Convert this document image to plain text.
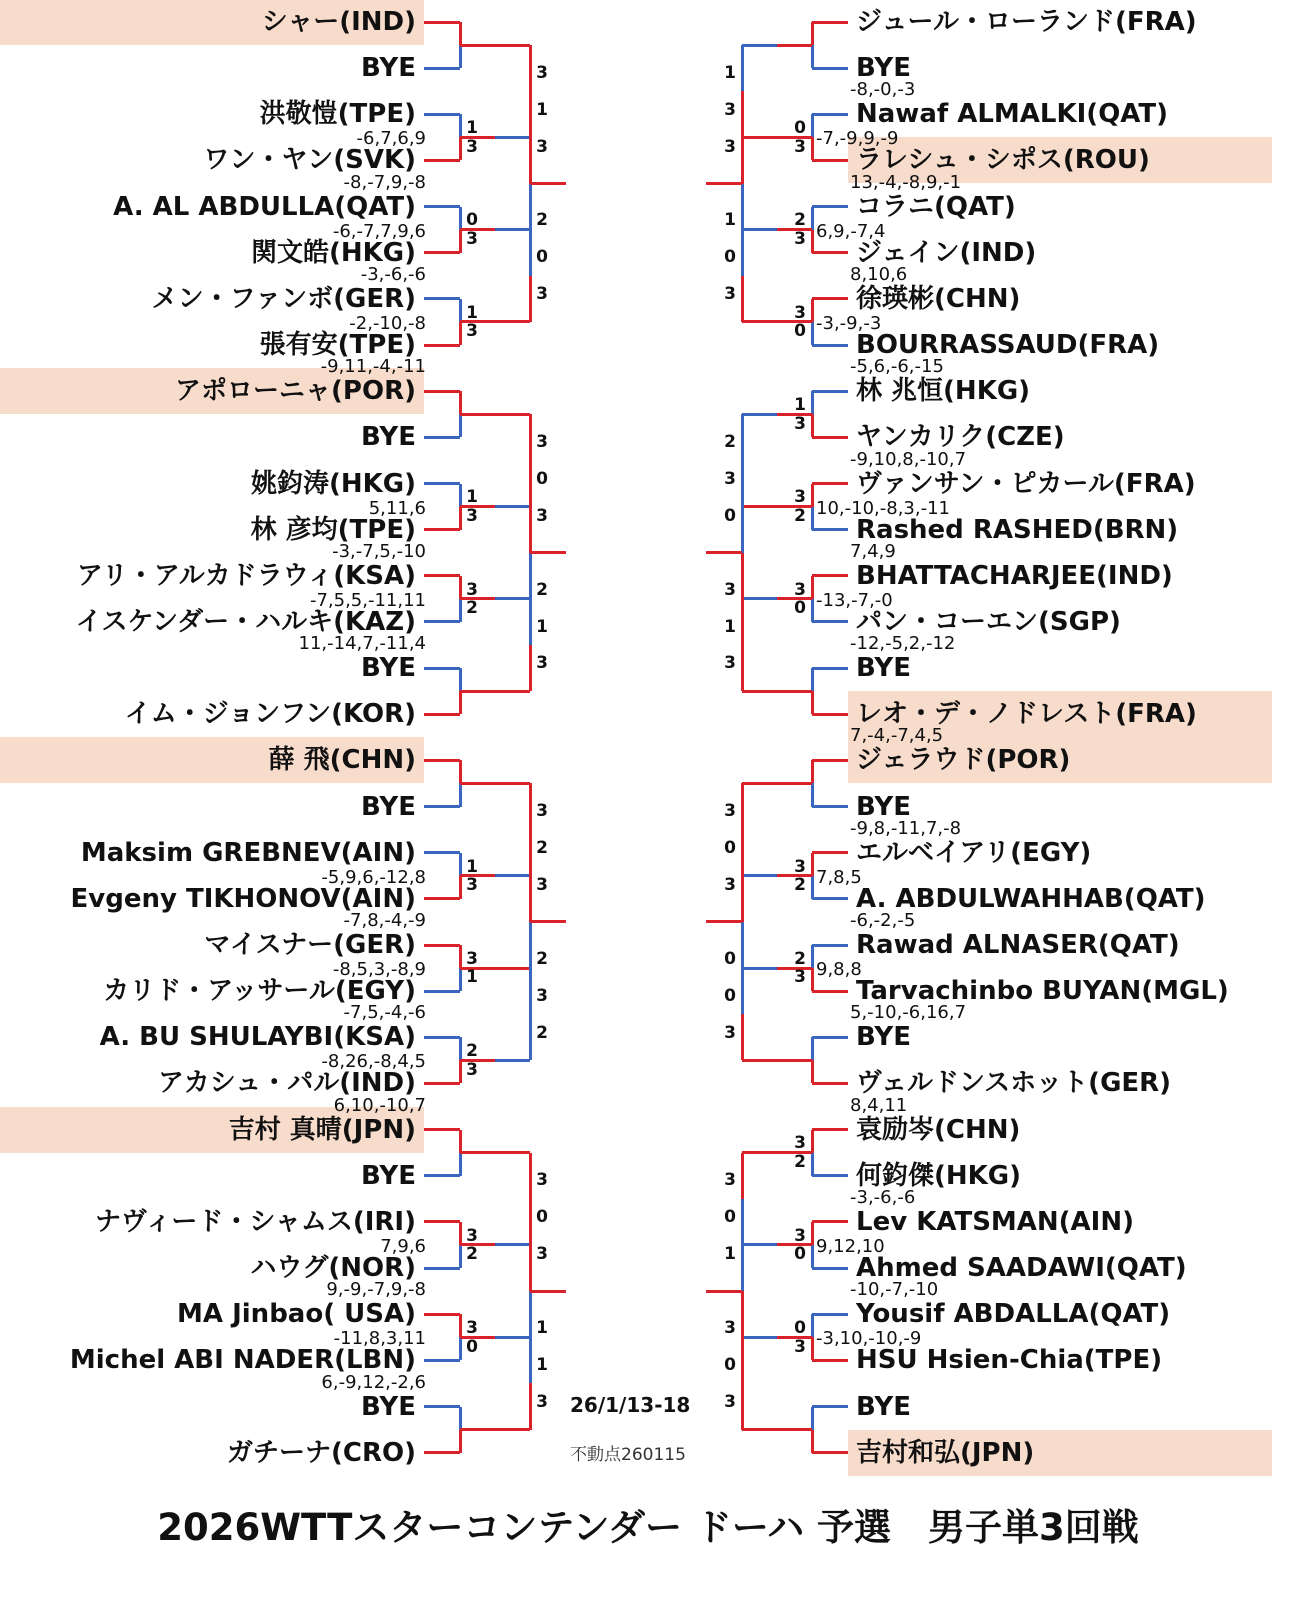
シャー(IND)
BYE
洪敬愷(TPE)
ワン・ヤン(SVK)
A. AL ABDULLA(QAT)
関文皓(HKG)
メン・ファンボ(GER)
張有安(TPE)
アポローニャ(POR)
BYE
姚鈞涛(HKG)
林 彦均(TPE)
アリ・アルカドラウィ(KSA)
イスケンダー・ハルキ(KAZ)
BYE
イム・ジョンフン(KOR)
薛 飛(CHN)
BYE
Maksim GREBNEV(AIN)
Evgeny TIKHONOV(AIN)
マイスナー(GER)
カリド・アッサール(EGY)
A. BU SHULAYBI(KSA)
アカシュ・パル(IND)
吉村 真晴(JPN)
BYE
ナヴィード・シャムス(IRI)
ハウグ(NOR)
MA Jinbao( USA)
Michel ABI NADER(LBN)
BYE
ガチーナ(CRO)
1
3
-6,7,6,9
0
3
-6,-7,7,9,6
1
3
-2,-10,-8
1
3
5,11,6
3
2
-7,5,5,-11,11
1
3
-5,9,6,-12,8
3
1
-8,5,3,-8,9
2
3
-8,26,-8,4,5
3
2
7,9,6
3
0
-11,8,3,11
-8,-7,9,-8
-3,-6,-6
-9,11,-4,-11
-3,-7,5,-10
11,-14,7,-11,4
-7,8,-4,-9
-7,5,-4,-6
6,10,-10,7
9,-9,-7,9,-8
6,-9,12,-2,6
3
1
0
3
3
0
1
3
3
2
3
2
3
0
1
3
3
2
3
2
3
2
3
1
ジュール・ローランド(FRA)
BYE
Nawaf ALMALKI(QAT)
ラレシュ・シポス(ROU)
コラニ(QAT)
ジェイン(IND)
徐瑛彬(CHN)
BOURRASSAUD(FRA)
林 兆恒(HKG)
ヤンカリク(CZE)
ヴァンサン・ピカール(FRA)
Rashed RASHED(BRN)
BHATTACHARJEE(IND)
パン・コーエン(SGP)
BYE
レオ・デ・ノドレスト(FRA)
ジェラウド(POR)
BYE
エルベイアリ(EGY)
A. ABDULWAHHAB(QAT)
Rawad ALNASER(QAT)
Tarvachinbo BUYAN(MGL)
BYE
ヴェルドンスホット(GER)
袁励岑(CHN)
何鈞傑(HKG)
Lev KATSMAN(AIN)
Ahmed SAADAWI(QAT)
Yousif ABDALLA(QAT)
HSU Hsien-Chia(TPE)
BYE
吉村和弘(JPN)
0
3 -7,-9,9,-9
2
3 6,9,-7,4
3
0 -3,-9,-3
1
3
3
2 10,-10,-8,3,-11
3
0 -13,-7,-0
3
2 7,8,5
2
3 9,8,8
3
2
3
0 9,12,10
0
3 -3,10,-10,-9
-8,-0,-3
13,-4,-8,9,-1
8,10,6
-5,6,-6,-15
-9,10,8,-10,7
7,4,9
-12,-5,2,-12
7,-4,-7,4,5
-9,8,-11,7,-8
-6,-2,-5
5,-10,-6,16,7
8,4,11
-3,-6,-6
-10,-7,-10
1
3
0
3
2
3
1
3
3
0
0
3
3
0
0
3
3
1
0
3
3
0
1
3
26/1/13-18
不動点260115
2026WTTスターコンテンダー ドーハ 予選　男子単3回戦
